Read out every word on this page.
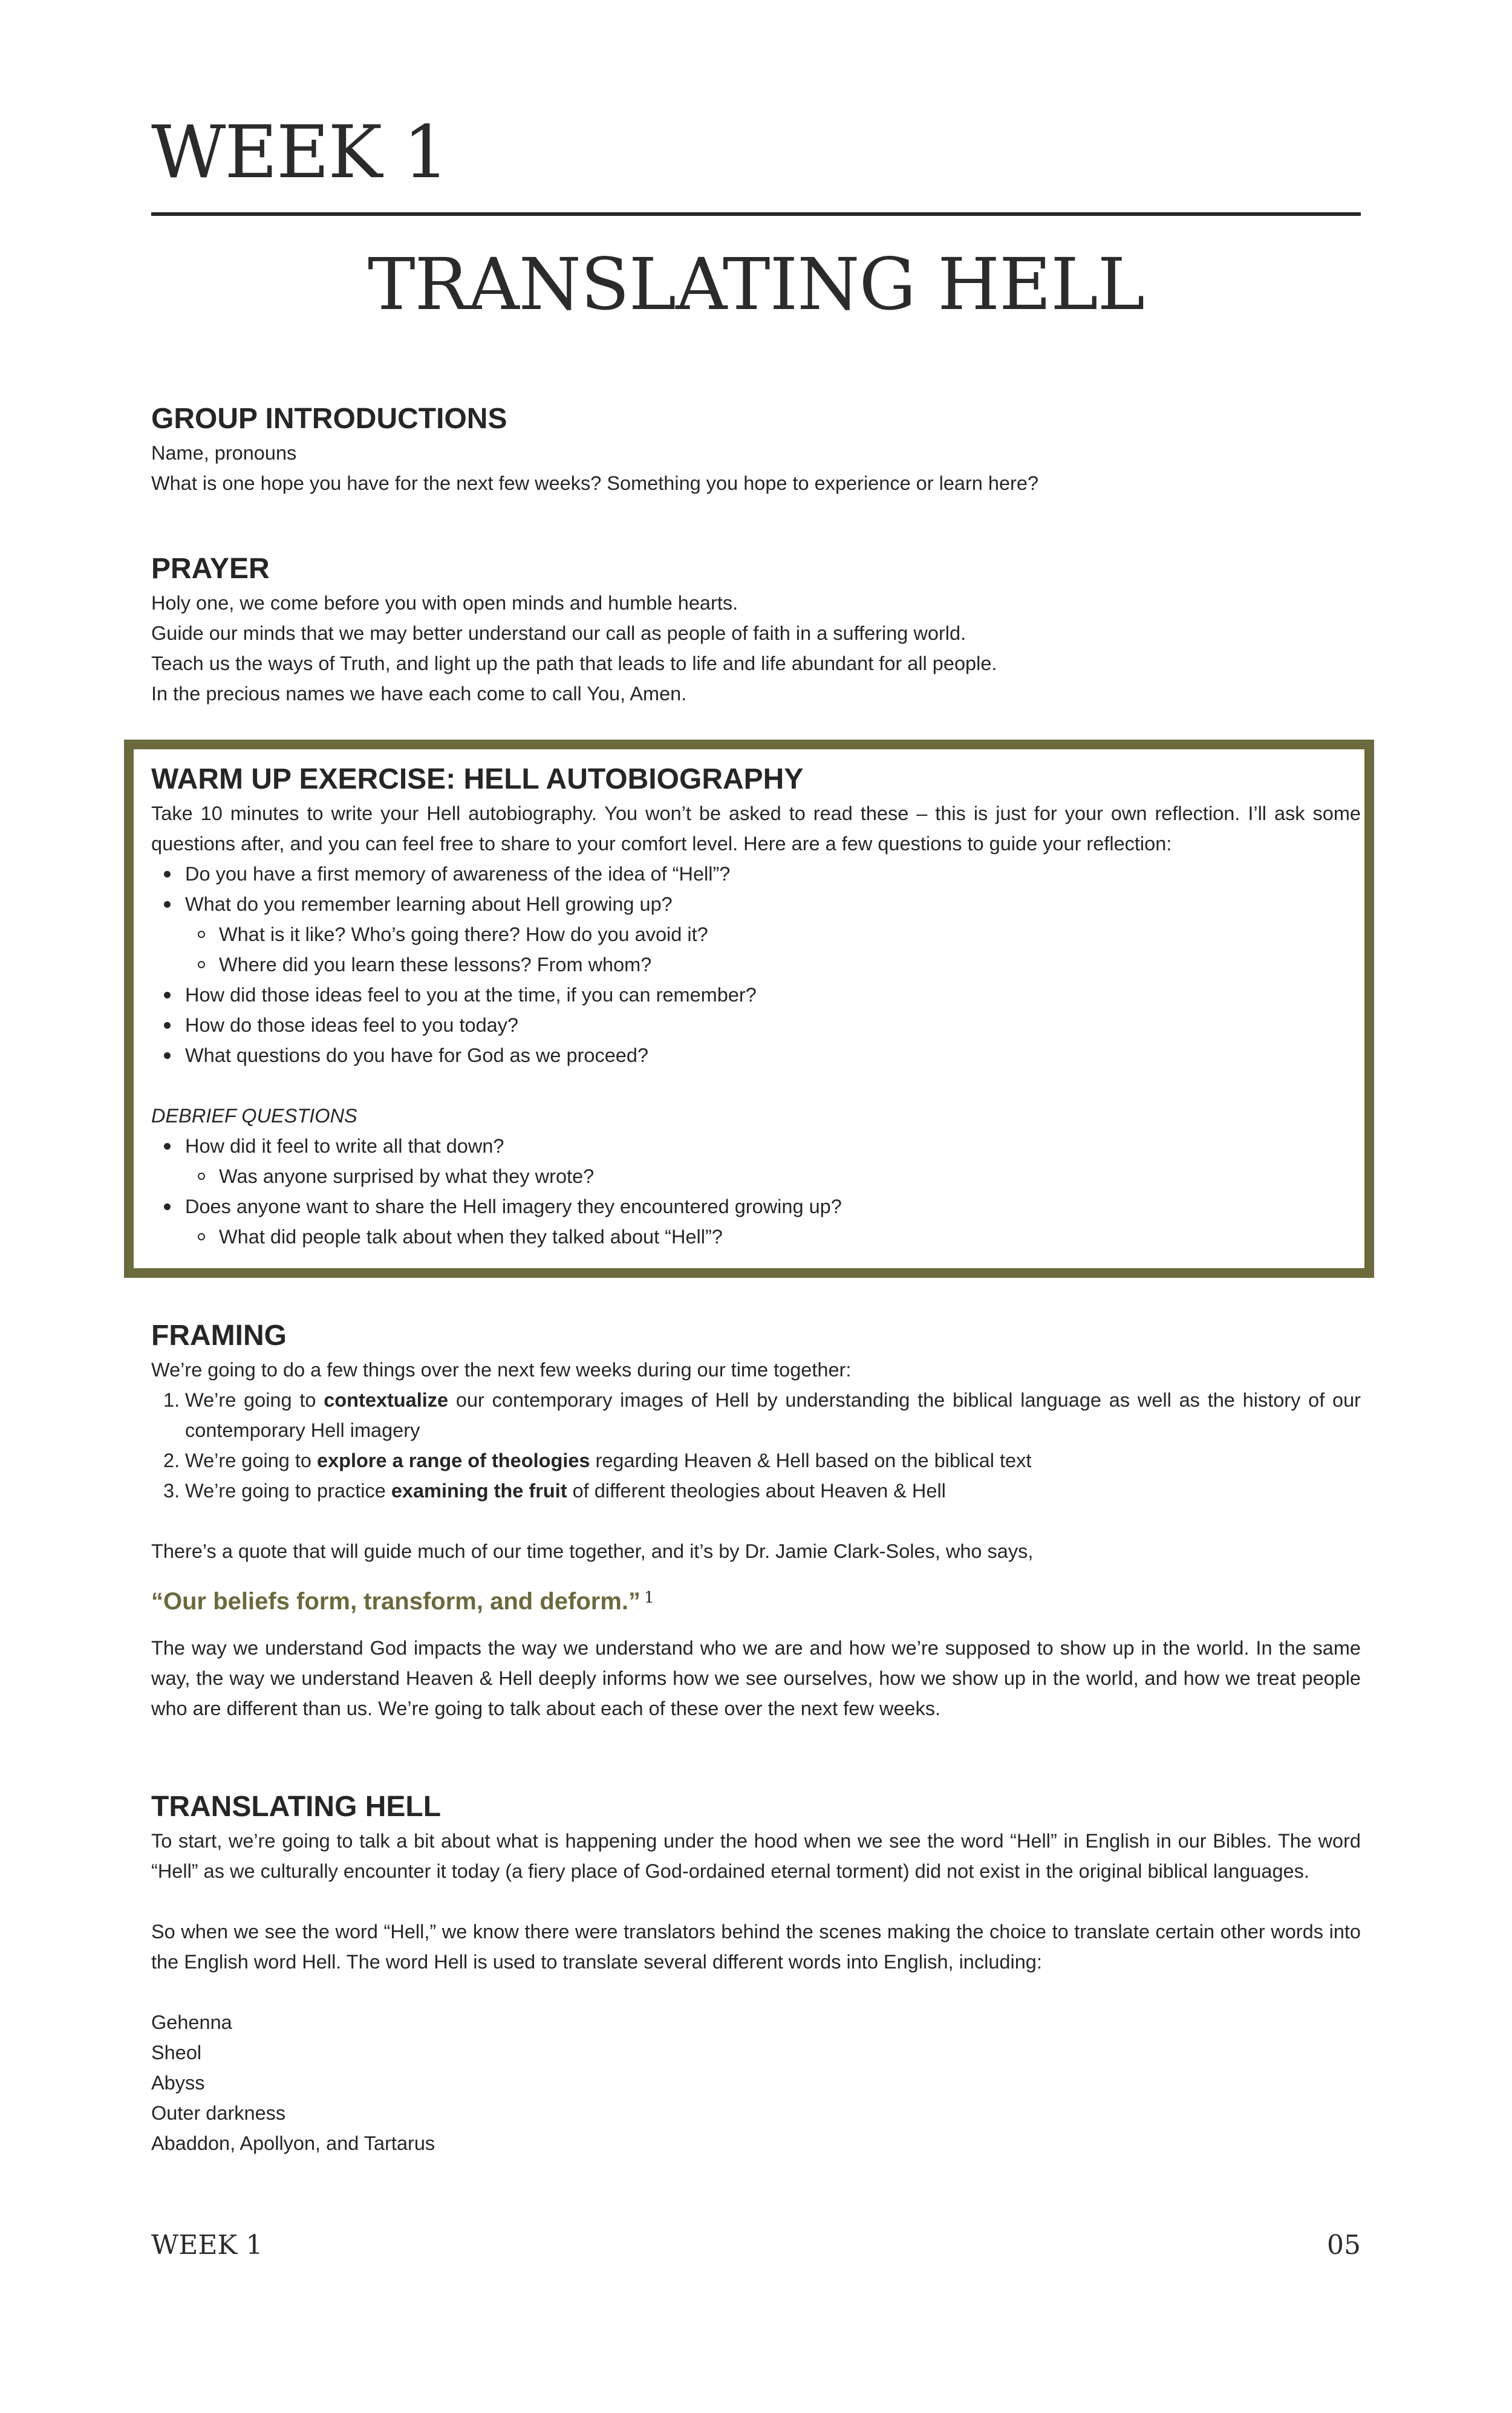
WEEK 1
TRANSLATING HELL
GROUP INTRODUCTIONS

Name, pronouns

What is one hope you have for the next few weeks? Something you hope to experience or learn here?

PRAYER

Holy one, we come before you with open minds and humble hearts.

Guide our minds that we may better understand our call as people of faith in a suffering world.

Teach us the ways of Truth, and light up the path that leads to life and life abundant for all people.

In the precious names we have each come to call You, Amen.

WARM UP EXERCISE: HELL AUTOBIOGRAPHY

Take 10 minutes to write your Hell autobiography. You won’t be asked to read these – this is just for your own reflection. I’ll ask some questions after, and you can feel free to share to your comfort level. Here are a few questions to guide your reflection:

Do you have a first memory of awareness of the idea of “Hell”?
What do you remember learning about Hell growing up?
What is it like? Who’s going there? How do you avoid it?
Where did you learn these lessons? From whom?
How did those ideas feel to you at the time, if you can remember?
How do those ideas feel to you today?
What questions do you have for God as we proceed?

DEBRIEF QUESTIONS

How did it feel to write all that down?
Was anyone surprised by what they wrote?
Does anyone want to share the Hell imagery they encountered growing up?
What did people talk about when they talked about “Hell”?
FRAMING

We’re going to do a few things over the next few weeks during our time together:

1. We’re going to contextualize our contemporary images of Hell by understanding the biblical language as well as the history of our contemporary Hell imagery
2. We’re going to explore a range of theologies regarding Heaven & Hell based on the biblical text
3. We’re going to practice examining the fruit of different theologies about Heaven & Hell

There’s a quote that will guide much of our time together, and it’s by Dr. Jamie Clark-Soles, who says,

“Our beliefs form, transform, and deform.” $^1$

The way we understand God impacts the way we understand who we are and how we’re supposed to show up in the world. In the same way, the way we understand Heaven & Hell deeply informs how we see ourselves, how we show up in the world, and how we treat people who are different than us. We’re going to talk about each of these over the next few weeks.

TRANSLATING HELL

To start, we’re going to talk a bit about what is happening under the hood when we see the word “Hell” in English in our Bibles. The word “Hell” as we culturally encounter it today (a fiery place of God-ordained eternal torment) did not exist in the original biblical languages.

So when we see the word “Hell,” we know there were translators behind the scenes making the choice to translate certain other words into the English word Hell. The word Hell is used to translate several different words into English, including:

Gehenna

Sheol

Abyss

Outer darkness

Abaddon, Apollyon, and Tartarus

WEEK 1	05
